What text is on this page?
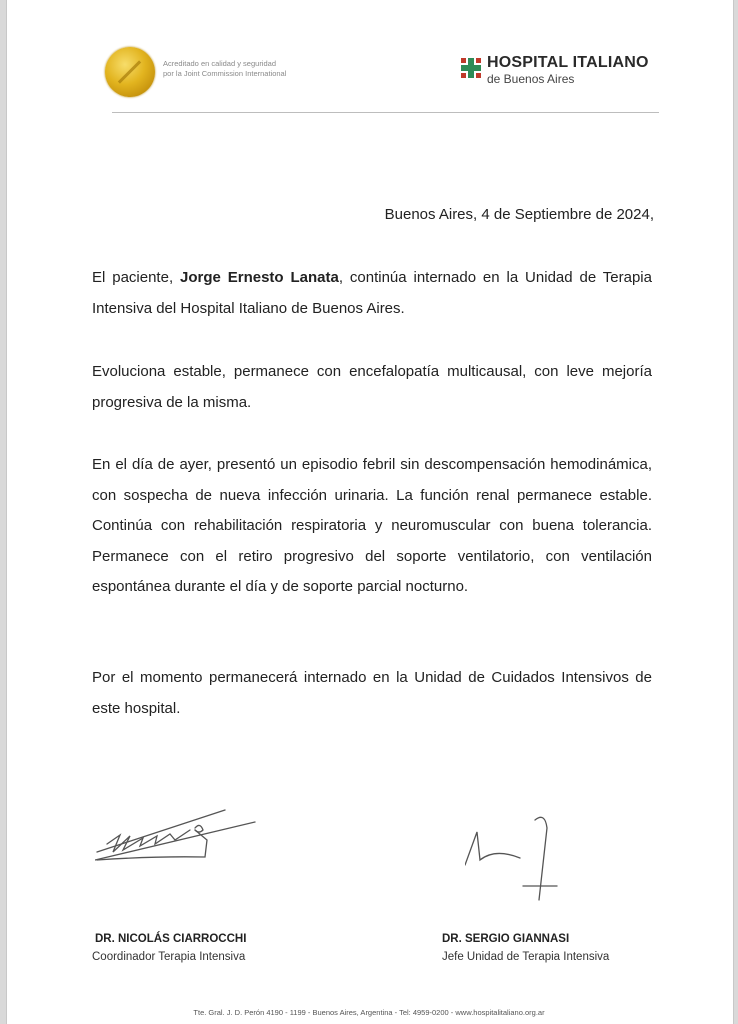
Acreditado en calidad y seguridad
por la Joint Commission International
HOSPITAL ITALIANO
de Buenos Aires
Buenos Aires, 4 de Septiembre de 2024,
El paciente, Jorge Ernesto Lanata, continúa internado en la Unidad de Terapia Intensiva del Hospital Italiano de Buenos Aires.
Evoluciona estable, permanece con encefalopatía multicausal, con leve mejoría progresiva de la misma.
En el día de ayer, presentó un episodio febril sin descompensación hemodinámica, con sospecha de nueva infección urinaria. La función renal permanece estable. Continúa con rehabilitación respiratoria y neuromuscular con buena tolerancia. Permanece con el retiro progresivo del soporte ventilatorio, con ventilación espontánea durante el día y de soporte parcial nocturno.
Por el momento permanecerá internado en la Unidad de Cuidados Intensivos de este hospital.
DR. NICOLÁS CIARROCCHI
Coordinador Terapia Intensiva
DR. SERGIO GIANNASI
Jefe Unidad de Terapia Intensiva
Tte. Gral. J. D. Perón 4190 - 1199 - Buenos Aires, Argentina - Tel: 4959-0200 - www.hospitalitaliano.org.ar
